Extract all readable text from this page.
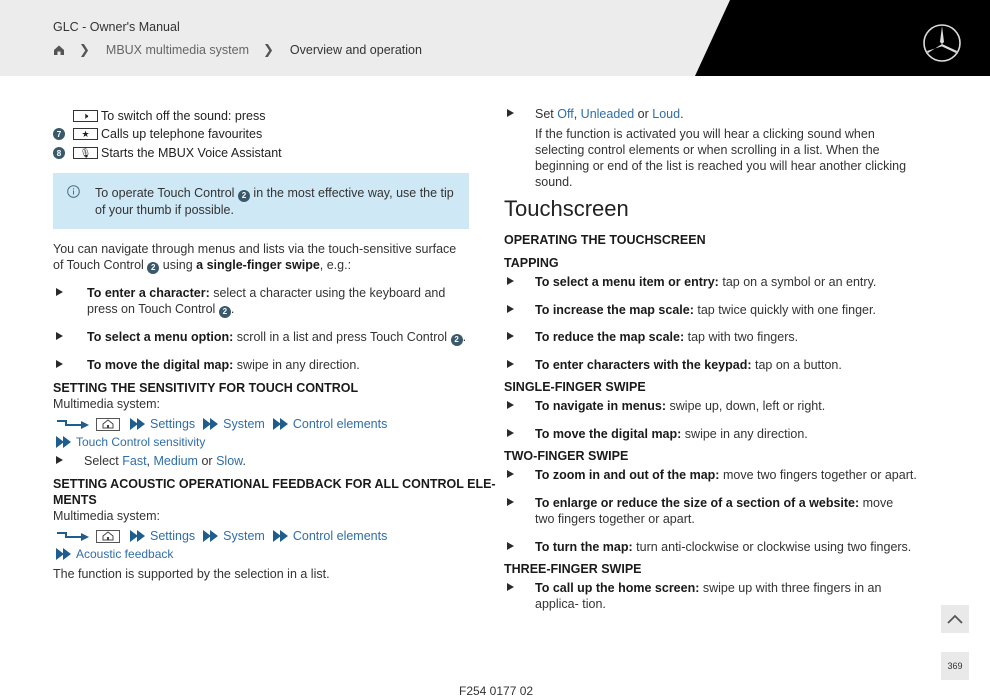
GLC - Owner's Manual
❯ MBUX multimedia system ❯ Overview and operation
🕨	To switch off the sound: press
7	★ Calls up telephone favourites
8	🎙 Starts the MBUX Voice Assistant
To operate Touch Control 2 in the most effective way, use the tip of your thumb if possible.
You can navigate through menus and lists via the touch-sensitive surface of Touch Control 2 using a single-finger swipe, e.g.:
To enter a character: select a character using the keyboard and press on Touch Control 2 .
To select a menu option: scroll in a list and press Touch Control 2 .
To move the digital map: swipe in any direction.
SETTING THE SENSITIVITY FOR TOUCH CONTROL
Multimedia system:
Settings System Control elements
Touch Control sensitivity
Select Fast, Medium or Slow.
SETTING ACOUSTIC OPERATIONAL FEEDBACK FOR ALL CONTROL ELE-
MENTS
Multimedia system:
Settings System Control elements
Acoustic feedback
The function is supported by the selection in a list.
Set Off, Unleaded or Loud.
If the function is activated you will hear a clicking sound when selecting control elements or when scrolling in a list. When the beginning or end of the list is reached you will hear another clicking sound.
Touchscreen
OPERATING THE TOUCHSCREEN
TAPPING
To select a menu item or entry: tap on a symbol or an entry.
To increase the map scale: tap twice quickly with one finger.
To reduce the map scale: tap with two fingers.
To enter characters with the keypad: tap on a button.
SINGLE-FINGER SWIPE
To navigate in menus: swipe up, down, left or right.
To move the digital map: swipe in any direction.
TWO-FINGER SWIPE
To zoom in and out of the map: move two fingers together or apart.
To enlarge or reduce the size of a section of a website: move two fingers together or apart.
To turn the map: turn anti-clockwise or clockwise using two fingers.
THREE-FINGER SWIPE
To call up the home screen: swipe up with three fingers in an applica- tion.
369
F254 0177 02
